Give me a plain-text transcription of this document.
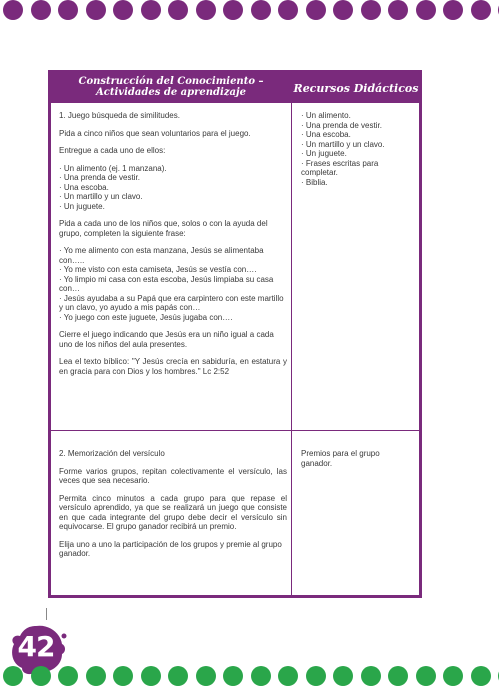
Construcción del Conocimiento – Actividades de aprendizaje	Recursos Didácticos

1. Juego búsqueda de similitudes.

Pida a cinco niños que sean voluntarios para el juego.

Entregue a cada uno de ellos:

· Un alimento (ej. 1 manzana).
· Una prenda de vestir.
· Una escoba.
· Un martillo y un clavo.
· Un juguete.

Pida a cada uno de los niños que, solos o con la ayuda del grupo, completen la siguiente frase:

· Yo me alimento con esta manzana, Jesús se alimentaba con…..
· Yo me visto con esta camiseta, Jesús se vestía con….
· Yo limpio mi casa con esta escoba, Jesús limpiaba su casa con…
· Jesús ayudaba a su Papá que era carpintero con este martillo y un clavo, yo ayudo a mis papás con…
· Yo juego con este juguete, Jesús jugaba con….

Cierre el juego indicando que Jesús era un niño igual a cada uno de los niños del aula presentes.

Lea el texto bíblico: "Y Jesús crecía en sabiduría, en estatura y en gracia para con Dios y los hombres." Lc 2:52

· Un alimento.
· Una prenda de vestir.
· Una escoba.
· Un martillo y un clavo.
· Un juguete.
· Frases escritas para completar.
· Biblia.

2. Memorización del versículo

Forme varios grupos, repitan colectivamente el versículo, las veces que sea necesario.

Permita cinco minutos a cada grupo para que repase el versículo aprendido, ya que se realizará un juego que consiste en que cada integrante del grupo debe decir el versículo sin equivocarse. El grupo ganador recibirá un premio.

Elija uno a uno la participación de los grupos y premie al grupo ganador.

Premios para el grupo ganador.

42
